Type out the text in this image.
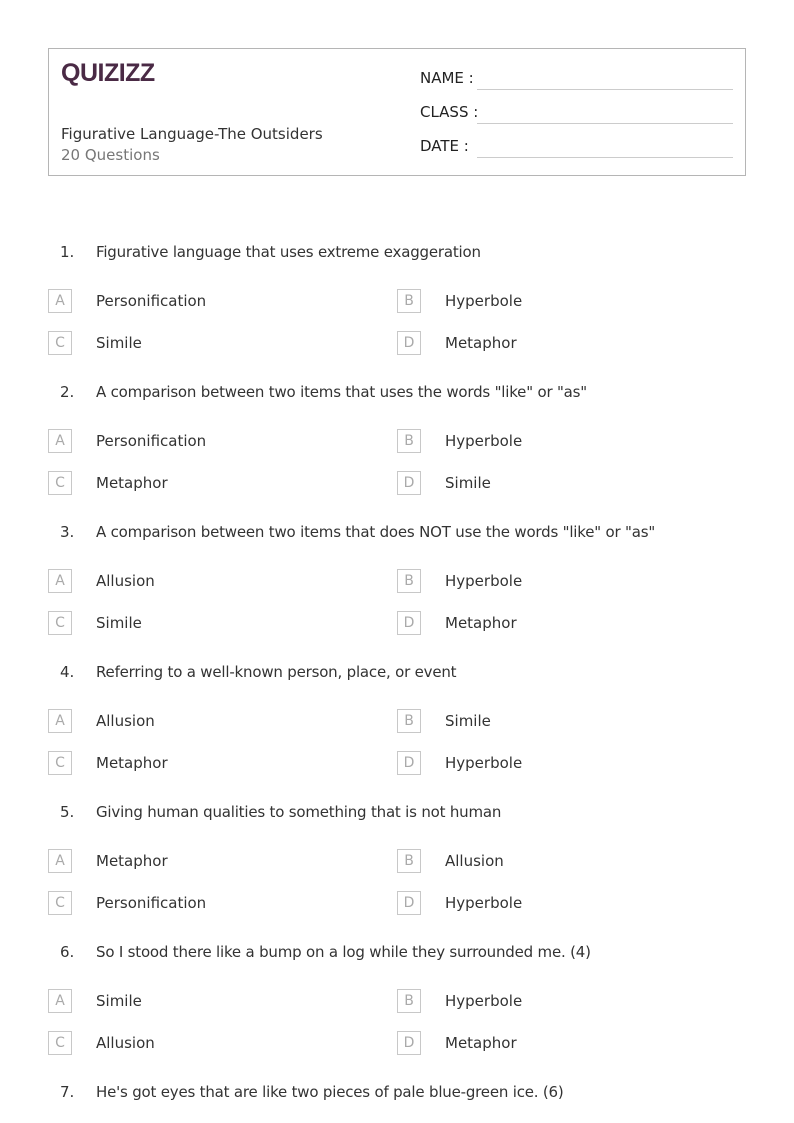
QUIZIZZ
Figurative Language-The Outsiders
20 Questions
NAME :
CLASS :
DATE :
1. Figurative language that uses extreme exaggeration
A	Personification	B	Hyperbole
C	Simile	D	Metaphor
2. A comparison between two items that uses the words "like" or "as"
A	Personification	B	Hyperbole
C	Metaphor	D	Simile
3. A comparison between two items that does NOT use the words "like" or "as"
A	Allusion	B	Hyperbole
C	Simile	D	Metaphor
4. Referring to a well-known person, place, or event
A	Allusion	B	Simile
C	Metaphor	D	Hyperbole
5. Giving human qualities to something that is not human
A	Metaphor	B	Allusion
C	Personification	D	Hyperbole
6. So I stood there like a bump on a log while they surrounded me. (4)
A	Simile	B	Hyperbole
C	Allusion	D	Metaphor
7. He's got eyes that are like two pieces of pale blue-green ice. (6)
